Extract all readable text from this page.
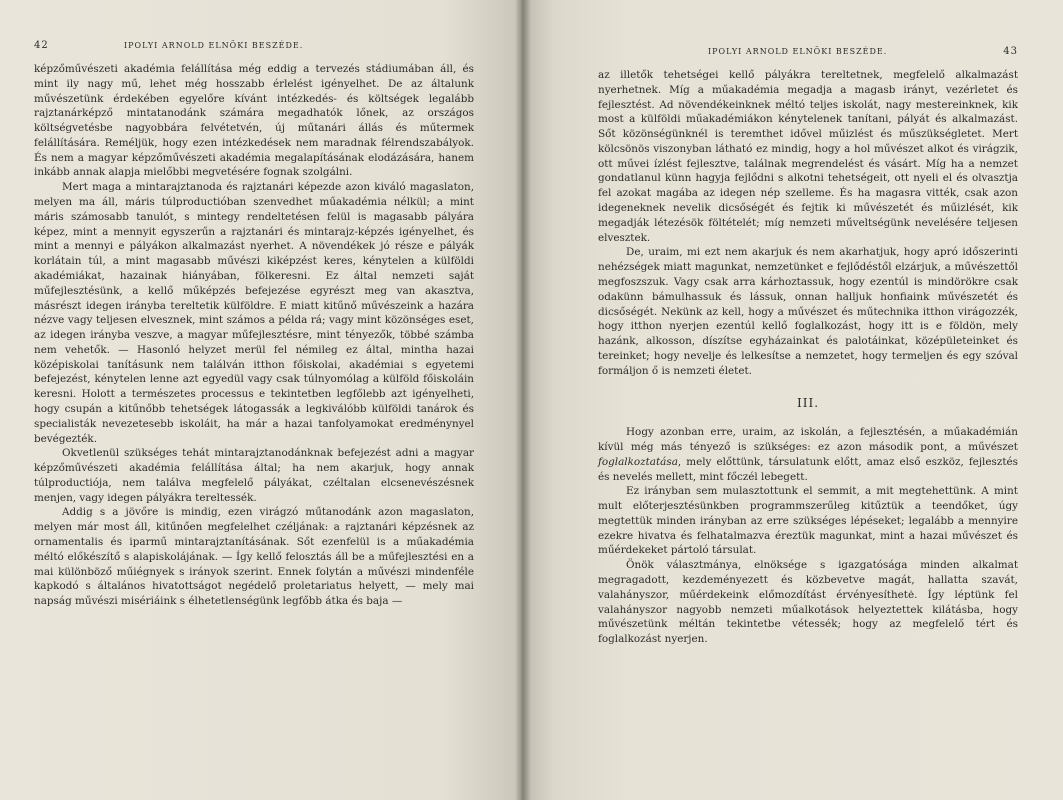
42	IPOLYI ARNOLD ELNÖKI BESZÉDE.

képzőművészeti akadémia felállítása még eddig a tervezés stádiumában áll, és mint ily nagy mű, lehet még hosszabb érlelést igényelhet. De az általunk művészetünk érdekében egyelőre kívánt intézkedés- és költségek legalább rajztanárképző mintatanodánk számára megadhatók lőnek, az országos költségvetésbe nagyobbára felvétetvén, új műtanári állás és műtermek felállítására. Reméljük, hogy ezen intézkedések nem maradnak félrendszabályok. És nem a magyar képzőművészeti akadémia megalapításának elodázására, hanem inkább annak alapja mielőbbi megvetésére fognak szolgálni.

Mert maga a mintarajztanoda és rajztanári képezde azon kiváló magaslaton, melyen ma áll, máris túlproductióban szenvedhet műakadémia nélkül; a mint máris számosabb tanulót, s mintegy rendeltetésen felül is magasabb pályára képez, mint a mennyit egyszerűn a rajztanári és mintarajz-képzés igényelhet, és mint a mennyi e pályákon alkalmazást nyerhet. A növendékek jó része e pályák korlátain túl, a mint magasabb művészi kiképzést keres, kénytelen a külföldi akadémiákat, hazainak hiányában, fölkeresni. Ez által nemzeti saját műfejlesztésünk, a kellő műképzés befejezése egyrészt meg van akasztva, másrészt idegen irányba tereltetik külföldre. E miatt kitűnő művészeink a hazára nézve vagy teljesen elvesznek, mint számos a példa rá; vagy mint közönséges eset, az idegen irányba veszve, a magyar műfejlesztésre, mint tényezők, többé számba nem vehetők. — Hasonló helyzet merül fel némileg ez által, mintha hazai középiskolai tanításunk nem találván itthon főiskolai, akadémiai s egyetemi befejezést, kénytelen lenne azt egyedül vagy csak túlnyomólag a külföld főiskoláin keresni. Holott a természetes processus e tekintetben legfőlebb azt igényelheti, hogy csupán a kitűnőbb tehetségek látogassák a legkiválóbb külföldi tanárok és specialisták nevezetesebb iskoláit, ha már a hazai tanfolyamokat eredménynyel bevégezték.

Okvetlenül szükséges tehát mintarajztanodánknak befejezést adni a magyar képzőművészeti akadémia felállítása által; ha nem akarjuk, hogy annak túlproductiója, nem találva megfelelő pályákat, czéltalan elcsenevészésnek menjen, vagy idegen pályákra tereltessék.

Addig s a jövőre is mindig, ezen virágzó műtanodánk azon magaslaton, melyen már most áll, kitűnően megfelelhet czéljának: a rajztanári képzésnek az ornamentalis és iparmű mintarajztanításának. Sőt ezenfelül is a műakadémia méltó előkészítő s alapiskolájának. — Így kellő felosztás áll be a műfejlesztési en a mai különböző műiégnyek s irányok szerint. Ennek folytán a művészi mindenféle kapkodó s általános hivatottságot negédelő proletariatus helyett, — mely mai napság művészi misériáink s élhetetlenségünk legfőbb átka és baja —

IPOLYI ARNOLD ELNÖKI BESZÉDE.	43

az illetők tehetségei kellő pályákra tereltetnek, megfelelő alkalmazást nyerhetnek. Míg a műakadémia megadja a magasb irányt, vezérletet és fejlesztést. Ad növendékeinknek méltó teljes iskolát, nagy mestereinknek, kik most a külföldi műakadémiákon kénytelenek tanítani, pályát és alkalmazást. Sőt közönségünknél is teremthet idővel műizlést és műszükségletet. Mert kölcsönös viszonyban látható ez mindig, hogy a hol művészet alkot és virágzik, ott művei ízlést fejlesztve, találnak megrendelést és vásárt. Míg ha a nemzet gondatlanul künn hagyja fejlődni s alkotni tehetségeit, ott nyeli el és olvasztja fel azokat magába az idegen nép szelleme. És ha magasra vitték, csak azon idegeneknek nevelik dicsőségét és fejtik ki művészetét és műizlését, kik megadják létezésök föltételét; míg nemzeti műveltségünk nevelésére teljesen elvesztek.

De, uraim, mi ezt nem akarjuk és nem akarhatjuk, hogy apró időszerinti nehézségek miatt magunkat, nemzetünket e fejlődéstől elzárjuk, a művészettől megfoszszuk. Vagy csak arra kárhoztassuk, hogy ezentúl is mindörökre csak odakünn bámulhassuk és lássuk, onnan halljuk honfiaink művészetét és dicsőségét. Nekünk az kell, hogy a művészet és műtechnika itthon virágozzék, hogy itthon nyerjen ezentúl kellő foglalkozást, hogy itt is e földön, mely hazánk, alkosson, díszítse egyházainkat és palotáinkat, középületeinket és tereinket; hogy nevelje és lelkesítse a nemzetet, hogy termeljen és egy szóval formáljon ő is nemzeti életet.

III.

Hogy azonban erre, uraim, az iskolán, a fejlesztésén, a műakadémián kívül még más tényező is szükséges: ez azon második pont, a művészet foglalkoztatása, mely előttünk, társulatunk előtt, amaz első eszköz, fejlesztés és nevelés mellett, mint főczél lebegett.

Ez irányban sem mulasztottunk el semmit, a mit megtehettünk. A mint mult előterjesztésünkben programmszerűleg kitűztük a teendőket, úgy megtettük minden irányban az erre szükséges lépéseket; legalább a mennyire ezekre hivatva és felhatalmazva éreztük magunkat, mint a hazai művészet és műérdekeket pártoló társulat.

Önök választmánya, elnöksége s igazgatósága minden alkalmat megragadott, kezdeményezett és közbevetve magát, hallatta szavát, valahányszor, műérdekeink előmozdítást érvényesíthetė. Így léptünk fel valahányszor nagyobb nemzeti műalkotások helyeztettek kilátásba, hogy művészetünk méltán tekintetbe vétessék; hogy az megfelelő tért és foglalkozást nyerjen.
